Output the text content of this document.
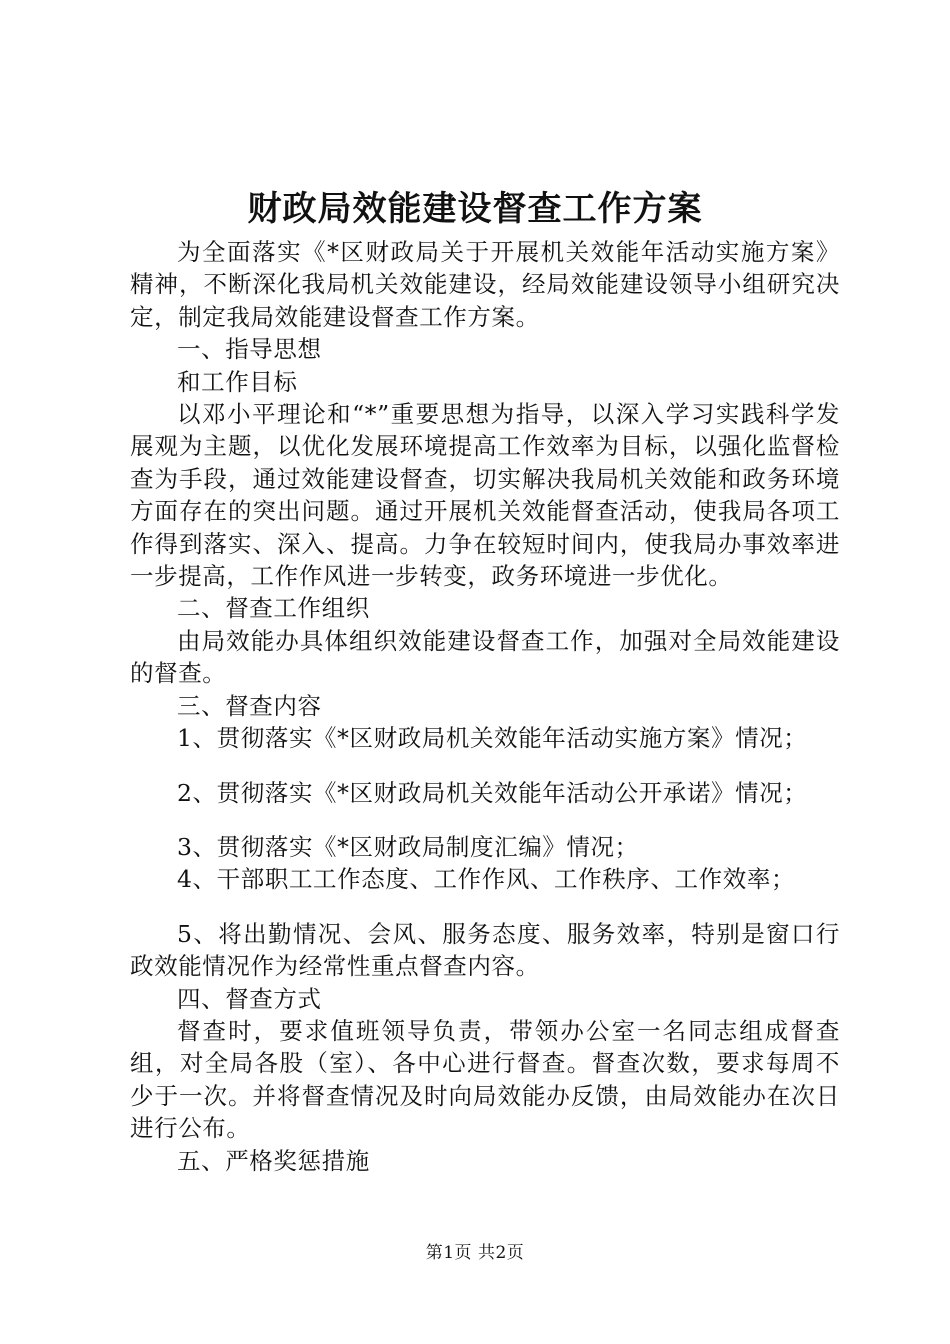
财政局效能建设督查工作方案

为全面落实《*区财政局关于开展机关效能年活动实施方案》精神，不断深化我局机关效能建设，经局效能建设领导小组研究决定，制定我局效能建设督查工作方案。

一、指导思想

和工作目标

以邓小平理论和“*”重要思想为指导，以深入学习实践科学发展观为主题，以优化发展环境提高工作效率为目标，以强化监督检查为手段，通过效能建设督查，切实解决我局机关效能和政务环境方面存在的突出问题。通过开展机关效能督查活动，使我局各项工作得到落实、深入、提高。力争在较短时间内，使我局办事效率进一步提高，工作作风进一步转变，政务环境进一步优化。

二、督查工作组织

由局效能办具体组织效能建设督查工作，加强对全局效能建设的督查。

三、督查内容

1、贯彻落实《*区财政局机关效能年活动实施方案》情况；

2、贯彻落实《*区财政局机关效能年活动公开承诺》情况；

3、贯彻落实《*区财政局制度汇编》情况；

4、干部职工工作态度、工作作风、工作秩序、工作效率；

5、将出勤情况、会风、服务态度、服务效率，特别是窗口行政效能情况作为经常性重点督查内容。

四、督查方式

督查时，要求值班领导负责，带领办公室一名同志组成督查组，对全局各股（室）、各中心进行督查。督查次数，要求每周不少于一次。并将督查情况及时向局效能办反馈，由局效能办在次日进行公布。

五、严格奖惩措施

第1页 共2页
